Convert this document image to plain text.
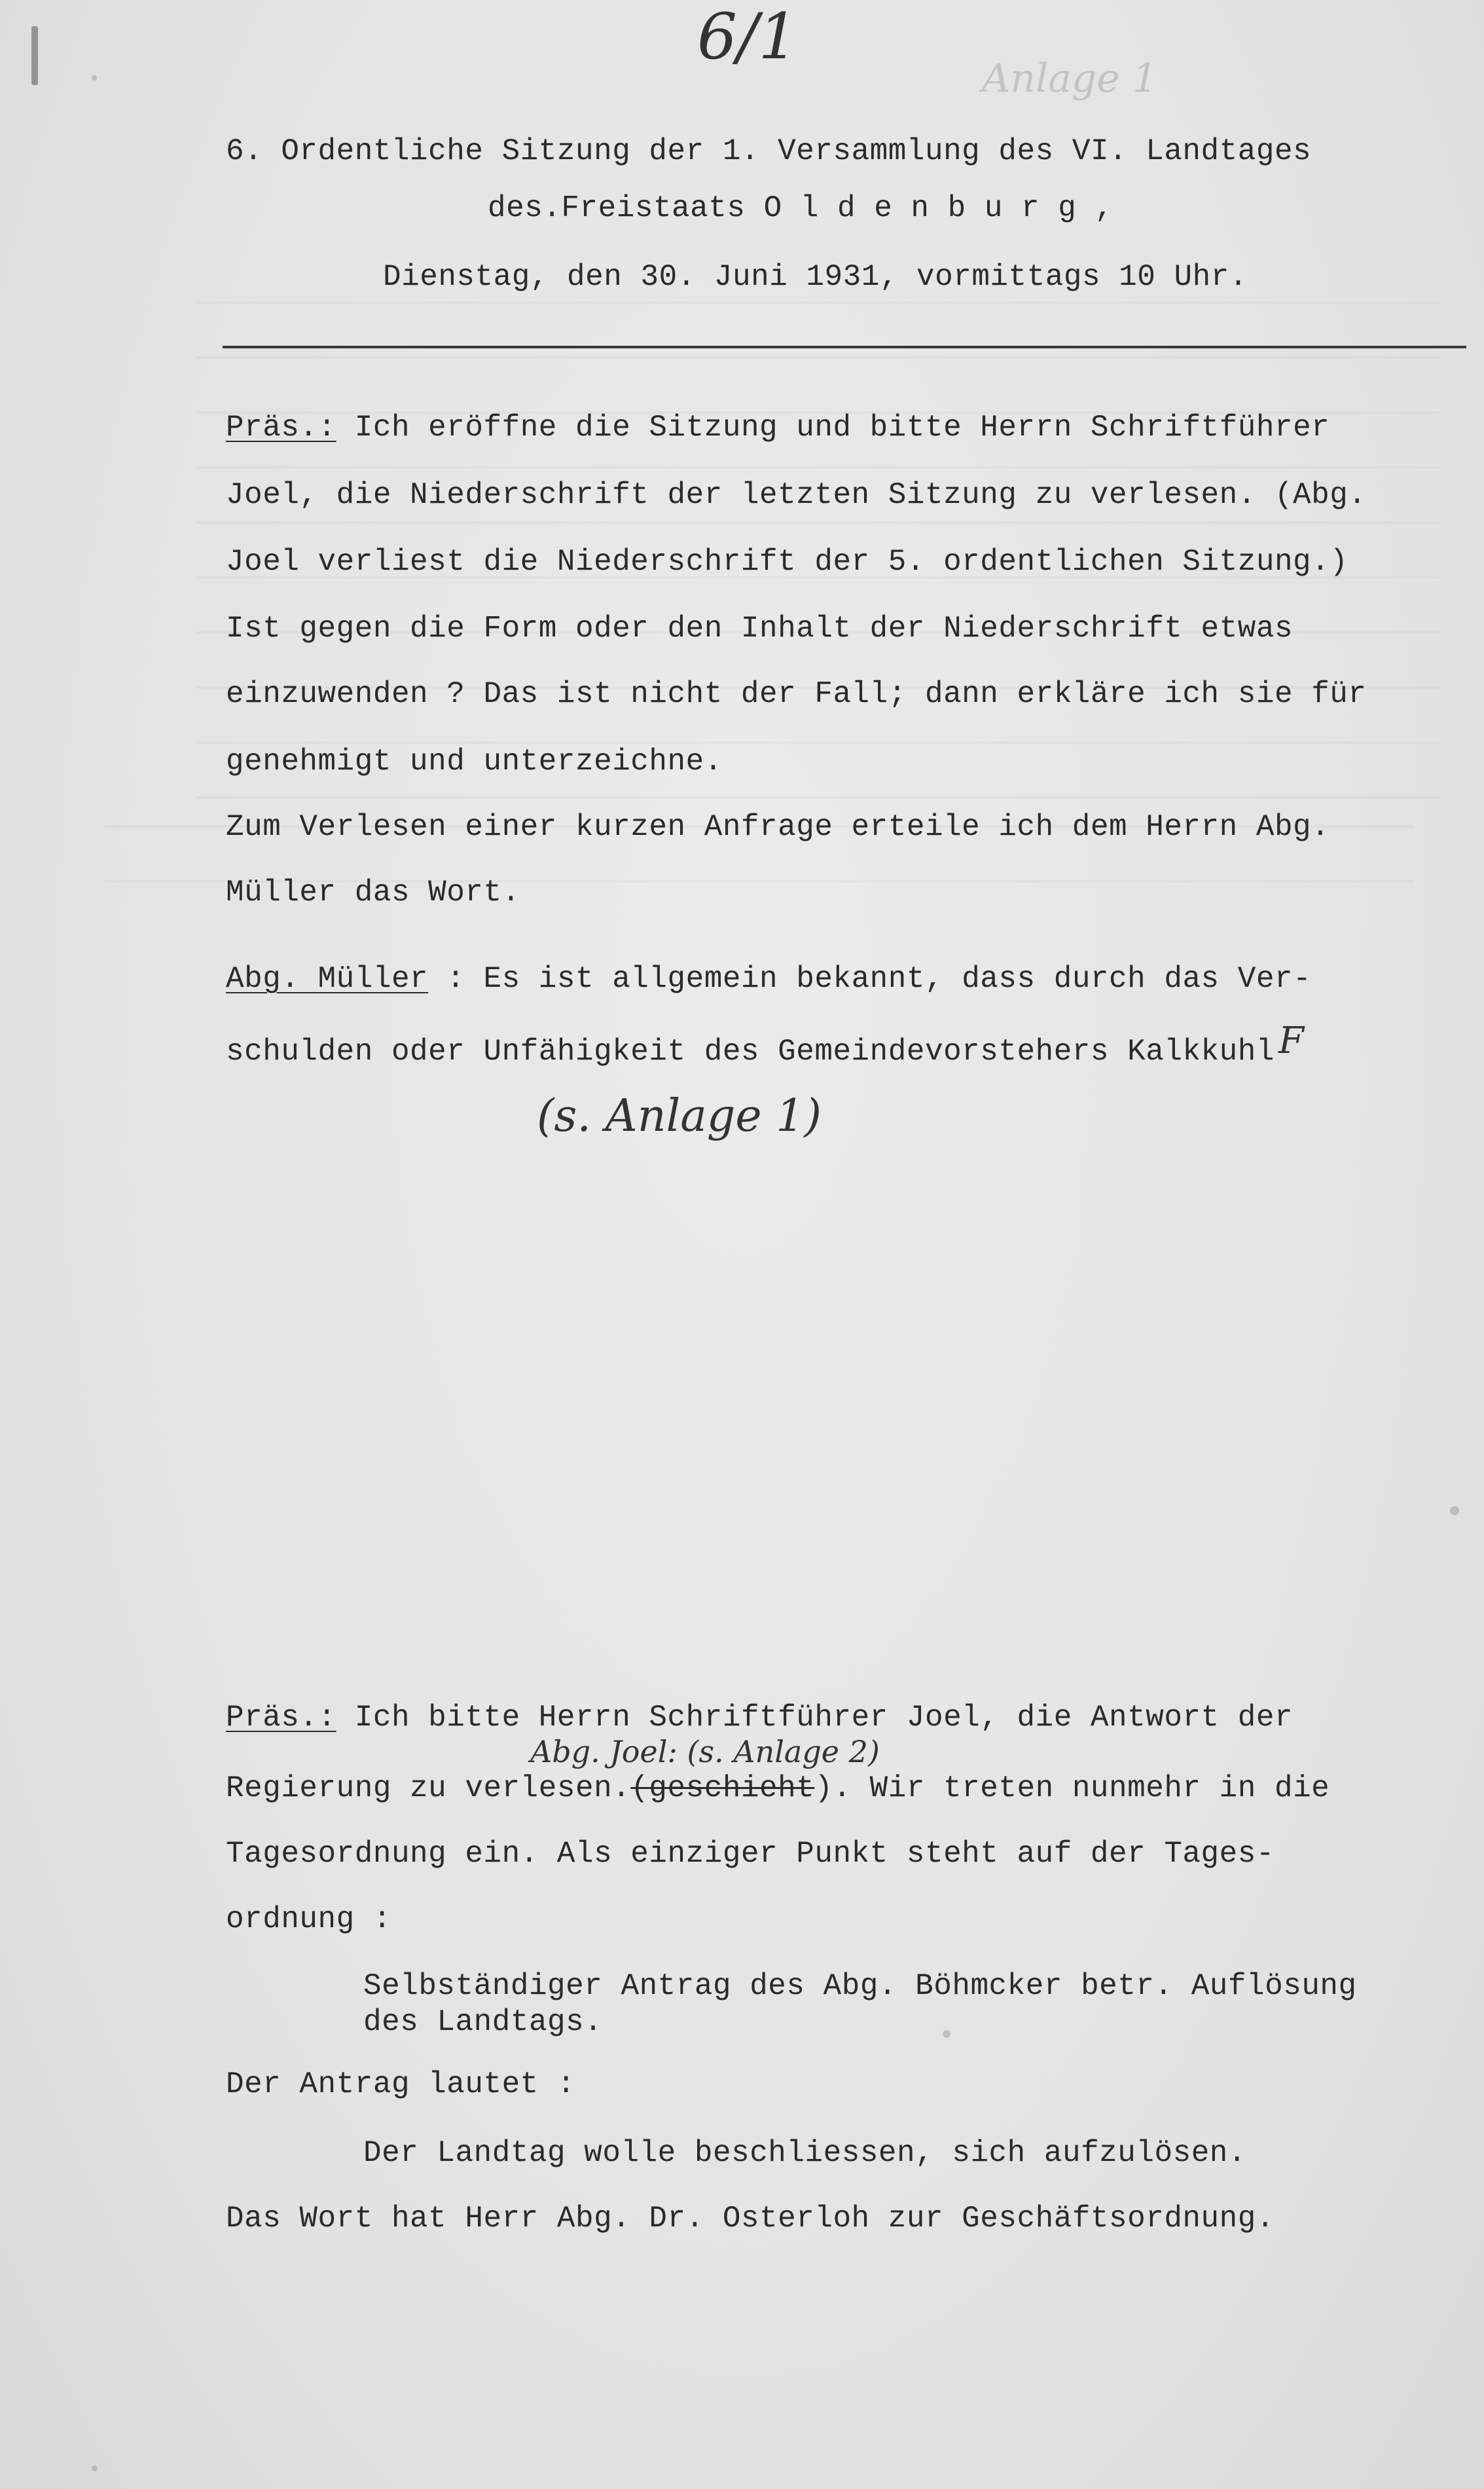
6/1
Anlage 1
6. Ordentliche Sitzung der 1. Versammlung des VI. Landtages
des.Freistaats O l d e n b u r g ,
Dienstag, den 30. Juni 1931, vormittags 10 Uhr.
Präs.: Ich eröffne die Sitzung und bitte Herrn Schriftführer
Joel, die Niederschrift der letzten Sitzung zu verlesen. (Abg.
Joel verliest die Niederschrift der 5. ordentlichen Sitzung.)
Ist gegen die Form oder den Inhalt der Niederschrift etwas
einzuwenden ? Das ist nicht der Fall; dann erkläre ich sie für
genehmigt und unterzeichne.
Zum Verlesen einer kurzen Anfrage erteile ich dem Herrn Abg.
Müller das Wort.
Abg. Müller : Es ist allgemein bekannt, dass durch das Ver-
schulden oder Unfähigkeit des Gemeindevorstehers Kalkkuhl F
(s. Anlage 1)
Präs.: Ich bitte Herrn Schriftführer Joel, die Antwort der
Abg. Joel: (s. Anlage 2)
Regierung zu verlesen.(geschieht). Wir treten nunmehr in die
Tagesordnung ein. Als einziger Punkt steht auf der Tages-
ordnung :
Selbständiger Antrag des Abg. Böhmcker betr. Auflösung
des Landtags.
Der Antrag lautet :
Der Landtag wolle beschliessen, sich aufzulösen.
Das Wort hat Herr Abg. Dr. Osterloh zur Geschäftsordnung.
